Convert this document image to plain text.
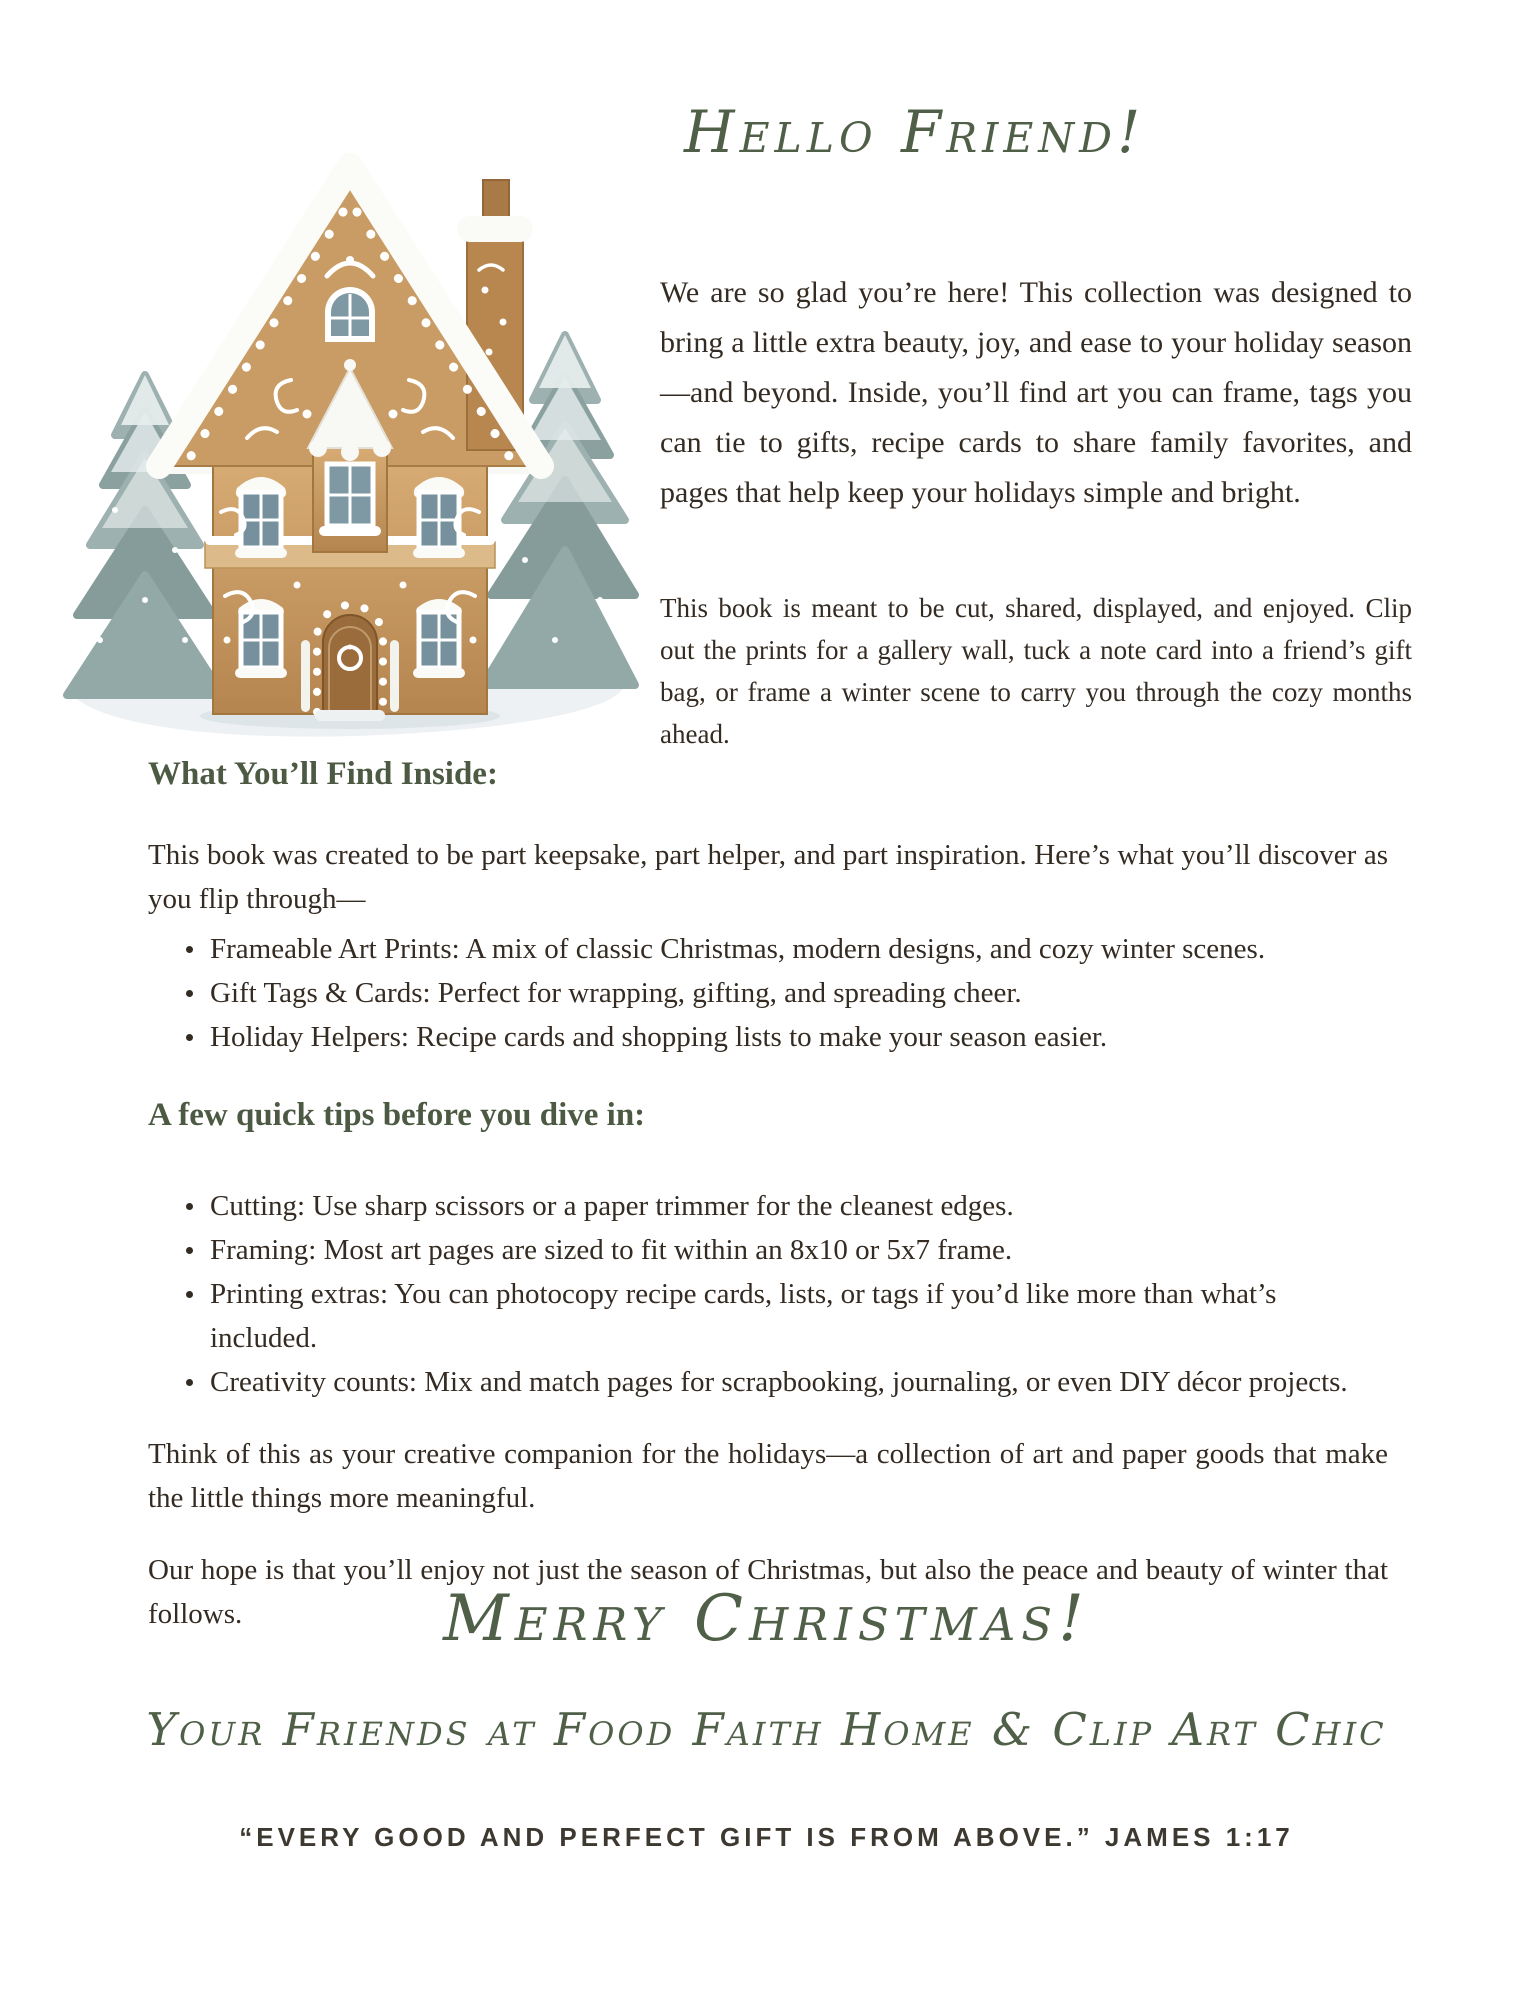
Hello Friend!

We are so glad you’re here! This collection was designed to bring a little extra beauty, joy, and ease to your holiday season—and beyond. Inside, you’ll find art you can frame, tags you can tie to gifts, recipe cards to share family favorites, and pages that help keep your holidays simple and bright.

This book is meant to be cut, shared, displayed, and enjoyed. Clip out the prints for a gallery wall, tuck a note card into a friend’s gift bag, or frame a winter scene to carry you through the cozy months ahead.

What You’ll Find Inside:

This book was created to be part keepsake, part helper, and part inspiration. Here’s what you’ll discover as you flip through—

Frameable Art Prints: A mix of classic Christmas, modern designs, and cozy winter scenes.
Gift Tags & Cards: Perfect for wrapping, gifting, and spreading cheer.
Holiday Helpers: Recipe cards and shopping lists to make your season easier.
A few quick tips before you dive in:
Cutting: Use sharp scissors or a paper trimmer for the cleanest edges.
Framing: Most art pages are sized to fit within an 8x10 or 5x7 frame.
Printing extras: You can photocopy recipe cards, lists, or tags if you’d like more than what’s included.
Creativity counts: Mix and match pages for scrapbooking, journaling, or even DIY décor projects.

Think of this as your creative companion for the holidays—a collection of art and paper goods that make the little things more meaningful.

Our hope is that you’ll enjoy not just the season of Christmas, but also the peace and beauty of winter that follows.	Merry Christmas!
Your Friends at Food Faith Home & Clip Art Chic
“EVERY GOOD AND PERFECT GIFT IS FROM ABOVE.” JAMES 1:17
